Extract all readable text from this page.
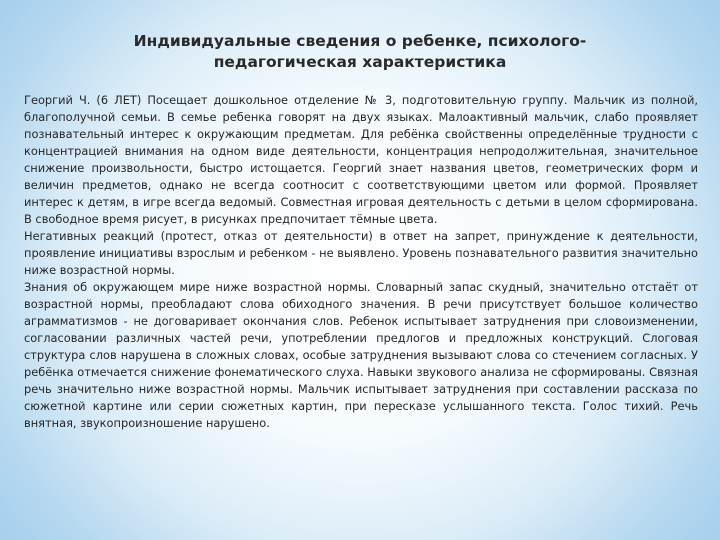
Индивидуальные сведения о ребенке, психолого-
педагогическая характеристика

Георгий Ч. (6 ЛЕТ) Посещает дошкольное отделение № 3, подготовительную группу. Мальчик из полной, благополучной семьи. В семье ребенка говорят на двух языках. Малоактивный мальчик, слабо проявляет познавательный интерес к окружающим предметам. Для ребёнка свойственны определённые трудности с концентрацией внимания на одном виде деятельности, концентрация непродолжительная, значительное снижение произвольности, быстро истощается. Георгий знает названия цветов, геометрических форм и величин предметов, однако не всегда соотносит с соответствующими цветом или формой. Проявляет интерес к детям, в игре всегда ведомый. Совместная игровая деятельность с детьми в целом сформирована. В свободное время рисует, в рисунках предпочитает тёмные цвета.

Негативных реакций (протест, отказ от деятельности) в ответ на запрет, принуждение к деятельности, проявление инициативы взрослым и ребенком - не выявлено. Уровень познавательного развития значительно ниже возрастной нормы.

Знания об окружающем мире ниже возрастной нормы. Словарный запас скудный, значительно отстаёт от возрастной нормы, преобладают слова обиходного значения. В речи присутствует большое количество аграмматизмов - не договаривает окончания слов. Ребенок испытывает затруднения при словоизменении, согласовании различных частей речи, употреблении предлогов и предложных конструкций. Слоговая структура слов нарушена в сложных словах, особые затруднения вызывают слова со стечением согласных. У ребёнка отмечается снижение фонематического слуха. Навыки звукового анализа не сформированы. Связная речь значительно ниже возрастной нормы. Мальчик испытывает затруднения при составлении рассказа по сюжетной картине или серии сюжетных картин, при пересказе услышанного текста. Голос тихий. Речь внятная, звукопроизношение нарушено.
